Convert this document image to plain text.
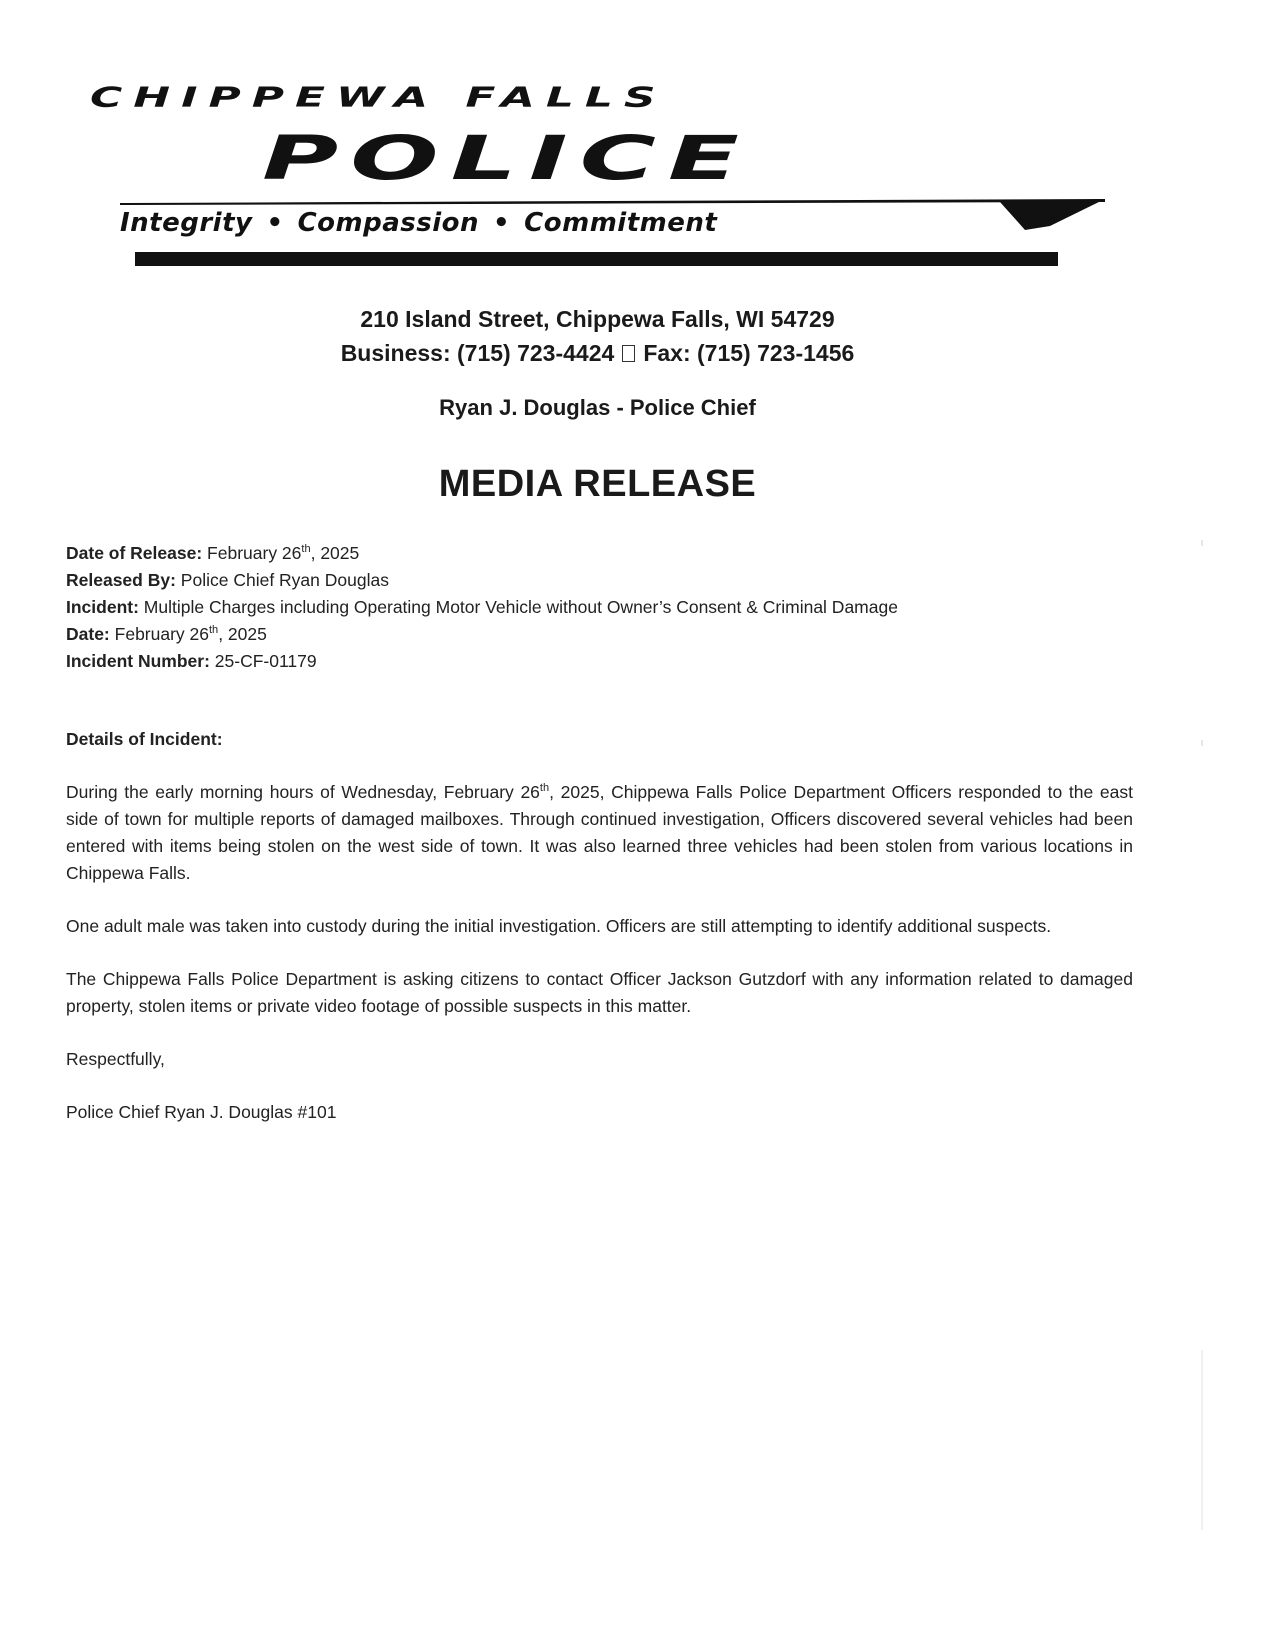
CHIPPEWA FALLS
POLICE
Integrity • Compassion • Commitment
210 Island Street, Chippewa Falls, WI 54729
Business: (715) 723-4424 Fax: (715) 723-1456
Ryan J. Douglas - Police Chief
MEDIA RELEASE
Date of Release: February 26th, 2025
Released By: Police Chief Ryan Douglas
Incident: Multiple Charges including Operating Motor Vehicle without Owner’s Consent & Criminal Damage
Date: February 26th, 2025
Incident Number: 25-CF-01179
Details of Incident:

During the early morning hours of Wednesday, February 26th, 2025, Chippewa Falls Police Department Officers responded to the east side of town for multiple reports of damaged mailboxes. Through continued investigation, Officers discovered several vehicles had been entered with items being stolen on the west side of town. It was also learned three vehicles had been stolen from various locations in Chippewa Falls.

One adult male was taken into custody during the initial investigation. Officers are still attempting to identify additional suspects.

The Chippewa Falls Police Department is asking citizens to contact Officer Jackson Gutzdorf with any information related to damaged property, stolen items or private video footage of possible suspects in this matter.

Respectfully,

Police Chief Ryan J. Douglas #101
